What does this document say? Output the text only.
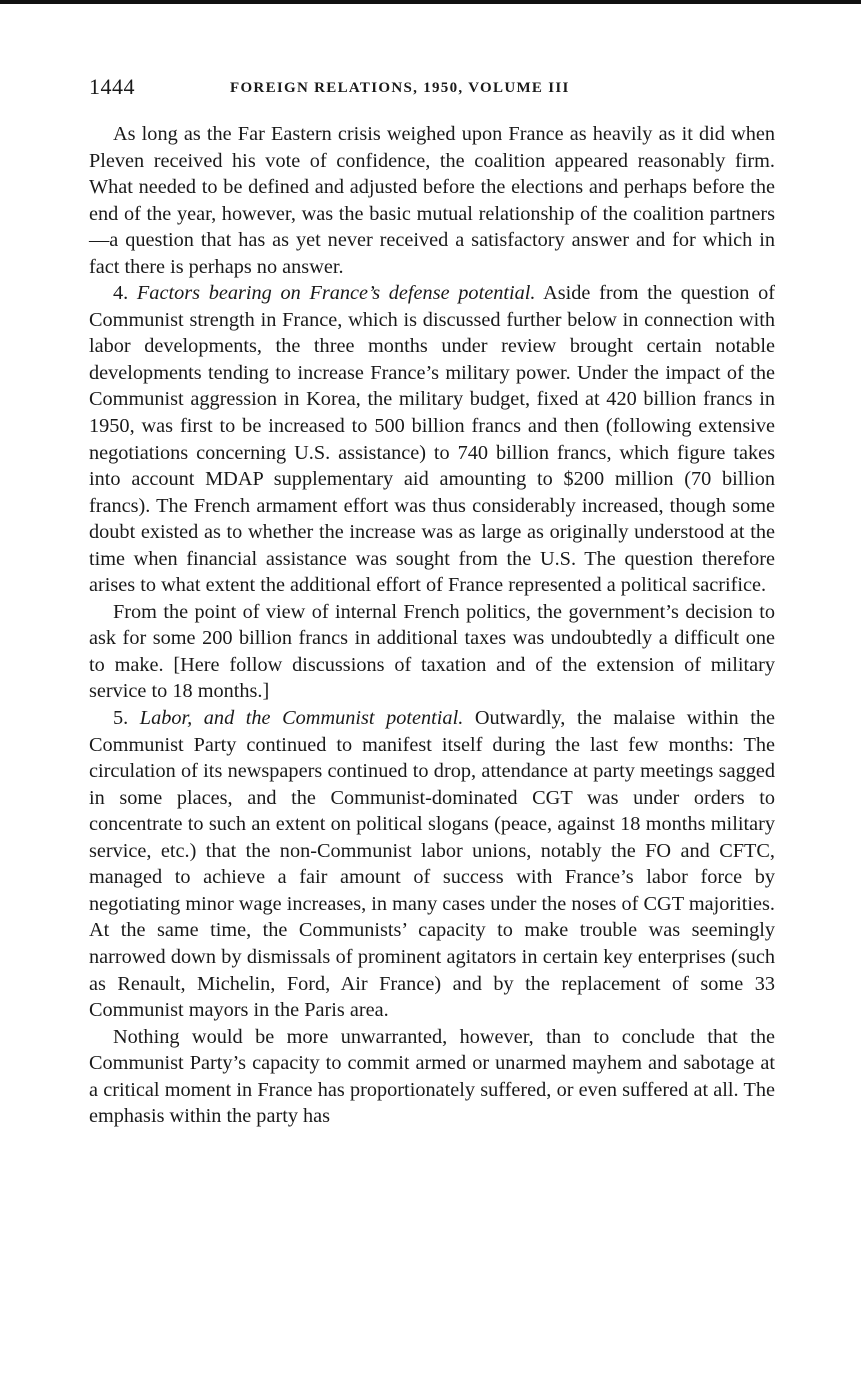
1444	FOREIGN RELATIONS, 1950, VOLUME III

As long as the Far Eastern crisis weighed upon France as heavily as it did when Pleven received his vote of confidence, the coalition appeared reasonably firm. What needed to be defined and adjusted before the elections and perhaps before the end of the year, however, was the basic mutual relationship of the coalition partners—a question that has as yet never received a satisfactory answer and for which in fact there is perhaps no answer.

4. Factors bearing on France’s defense potential. Aside from the question of Communist strength in France, which is discussed further below in connection with labor developments, the three months under review brought certain notable developments tending to increase France’s military power. Under the impact of the Communist aggression in Korea, the military budget, fixed at 420 billion francs in 1950, was first to be increased to 500 billion francs and then (following extensive negotiations concerning U.S. assistance) to 740 billion francs, which figure takes into account MDAP supplementary aid amounting to $200 million (70 billion francs). The French armament effort was thus considerably increased, though some doubt existed as to whether the increase was as large as originally understood at the time when financial assistance was sought from the U.S. The question therefore arises to what extent the additional effort of France represented a political sacrifice.

From the point of view of internal French politics, the government’s decision to ask for some 200 billion francs in additional taxes was undoubtedly a difficult one to make. [Here follow discussions of taxation and of the extension of military service to 18 months.]

5. Labor, and the Communist potential. Outwardly, the malaise within the Communist Party continued to manifest itself during the last few months: The circulation of its newspapers continued to drop, attendance at party meetings sagged in some places, and the Communist-dominated CGT was under orders to concentrate to such an extent on political slogans (peace, against 18 months military service, etc.) that the non-Communist labor unions, notably the FO and CFTC, managed to achieve a fair amount of success with France’s labor force by negotiating minor wage increases, in many cases under the noses of CGT majorities. At the same time, the Communists’ capacity to make trouble was seemingly narrowed down by dismissals of prominent agitators in certain key enterprises (such as Renault, Michelin, Ford, Air France) and by the replacement of some 33 Communist mayors in the Paris area.

Nothing would be more unwarranted, however, than to conclude that the Communist Party’s capacity to commit armed or unarmed mayhem and sabotage at a critical moment in France has proportionately suffered, or even suffered at all. The emphasis within the party has
